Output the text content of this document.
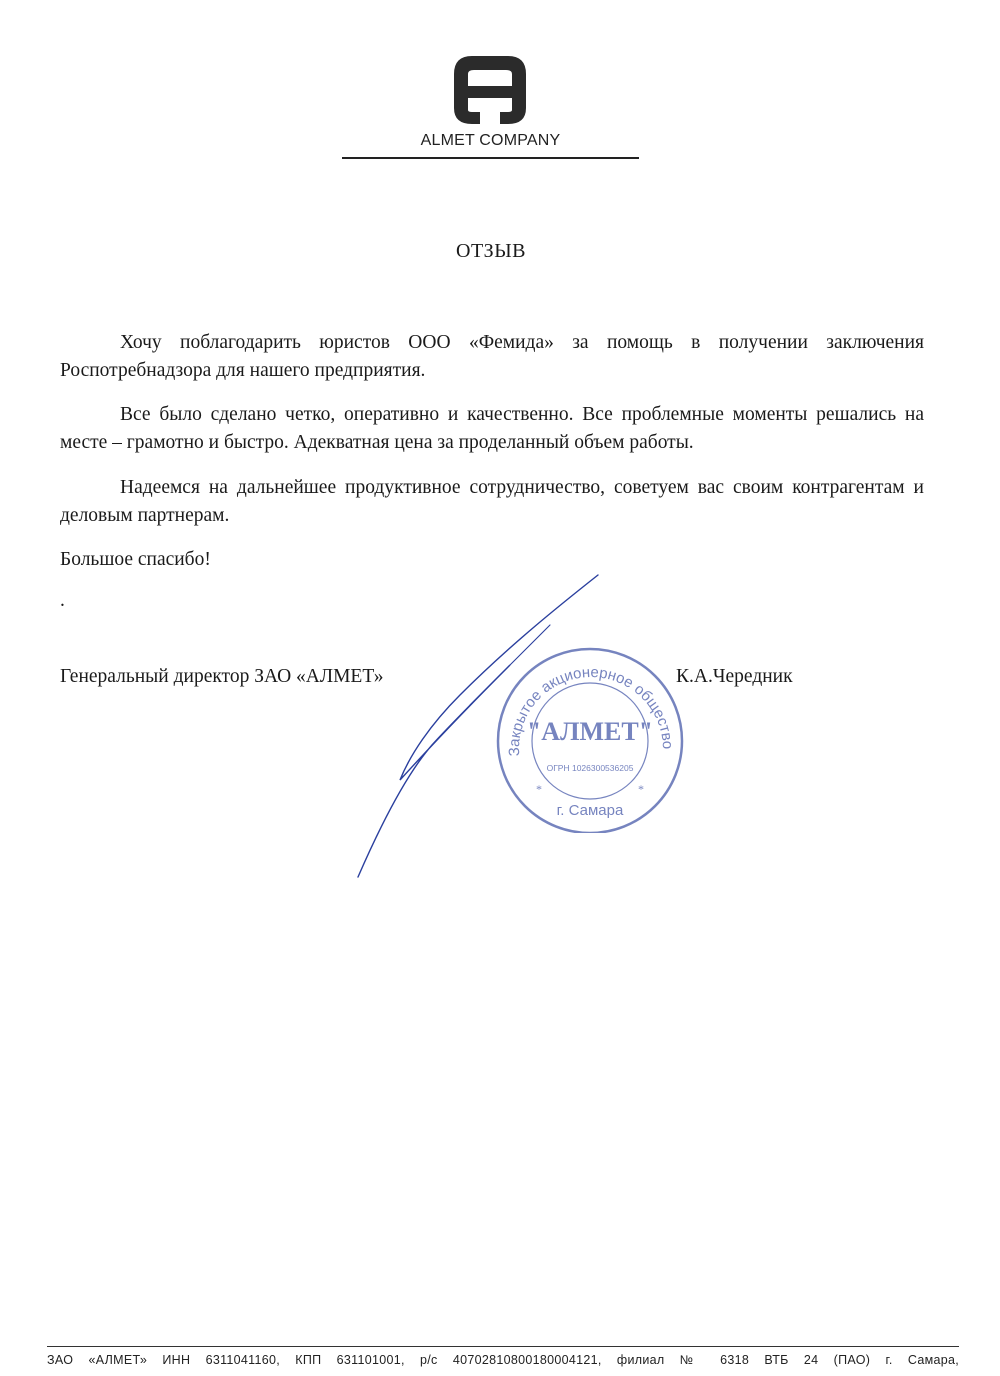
ALMET COMPANY
ОТЗЫВ
Хочу поблагодарить юристов ООО «Фемида» за помощь в получении заключения Роспотребнадзора для нашего предприятия.
Все было сделано четко, оперативно и качественно. Все проблемные моменты решались на месте – грамотно и быстро. Адекватная цена за проделанный объем работы.
Надеемся на дальнейшее продуктивное сотрудничество, советуем вас своим контрагентам и деловым партнерам.
Большое спасибо!
.
Генеральный директор ЗАО «АЛМЕТ»	К.А.Чередник
Закрытое акционерное общество
"АЛМЕТ"
ОГРН 1026300536205
г. Самара
*	*
ЗАО «АЛМЕТ» ИНН 6311041160, КПП 631101001, р/с 40702810800180004121, филиал № 6318 ВТБ 24 (ПАО) г. Самара,
